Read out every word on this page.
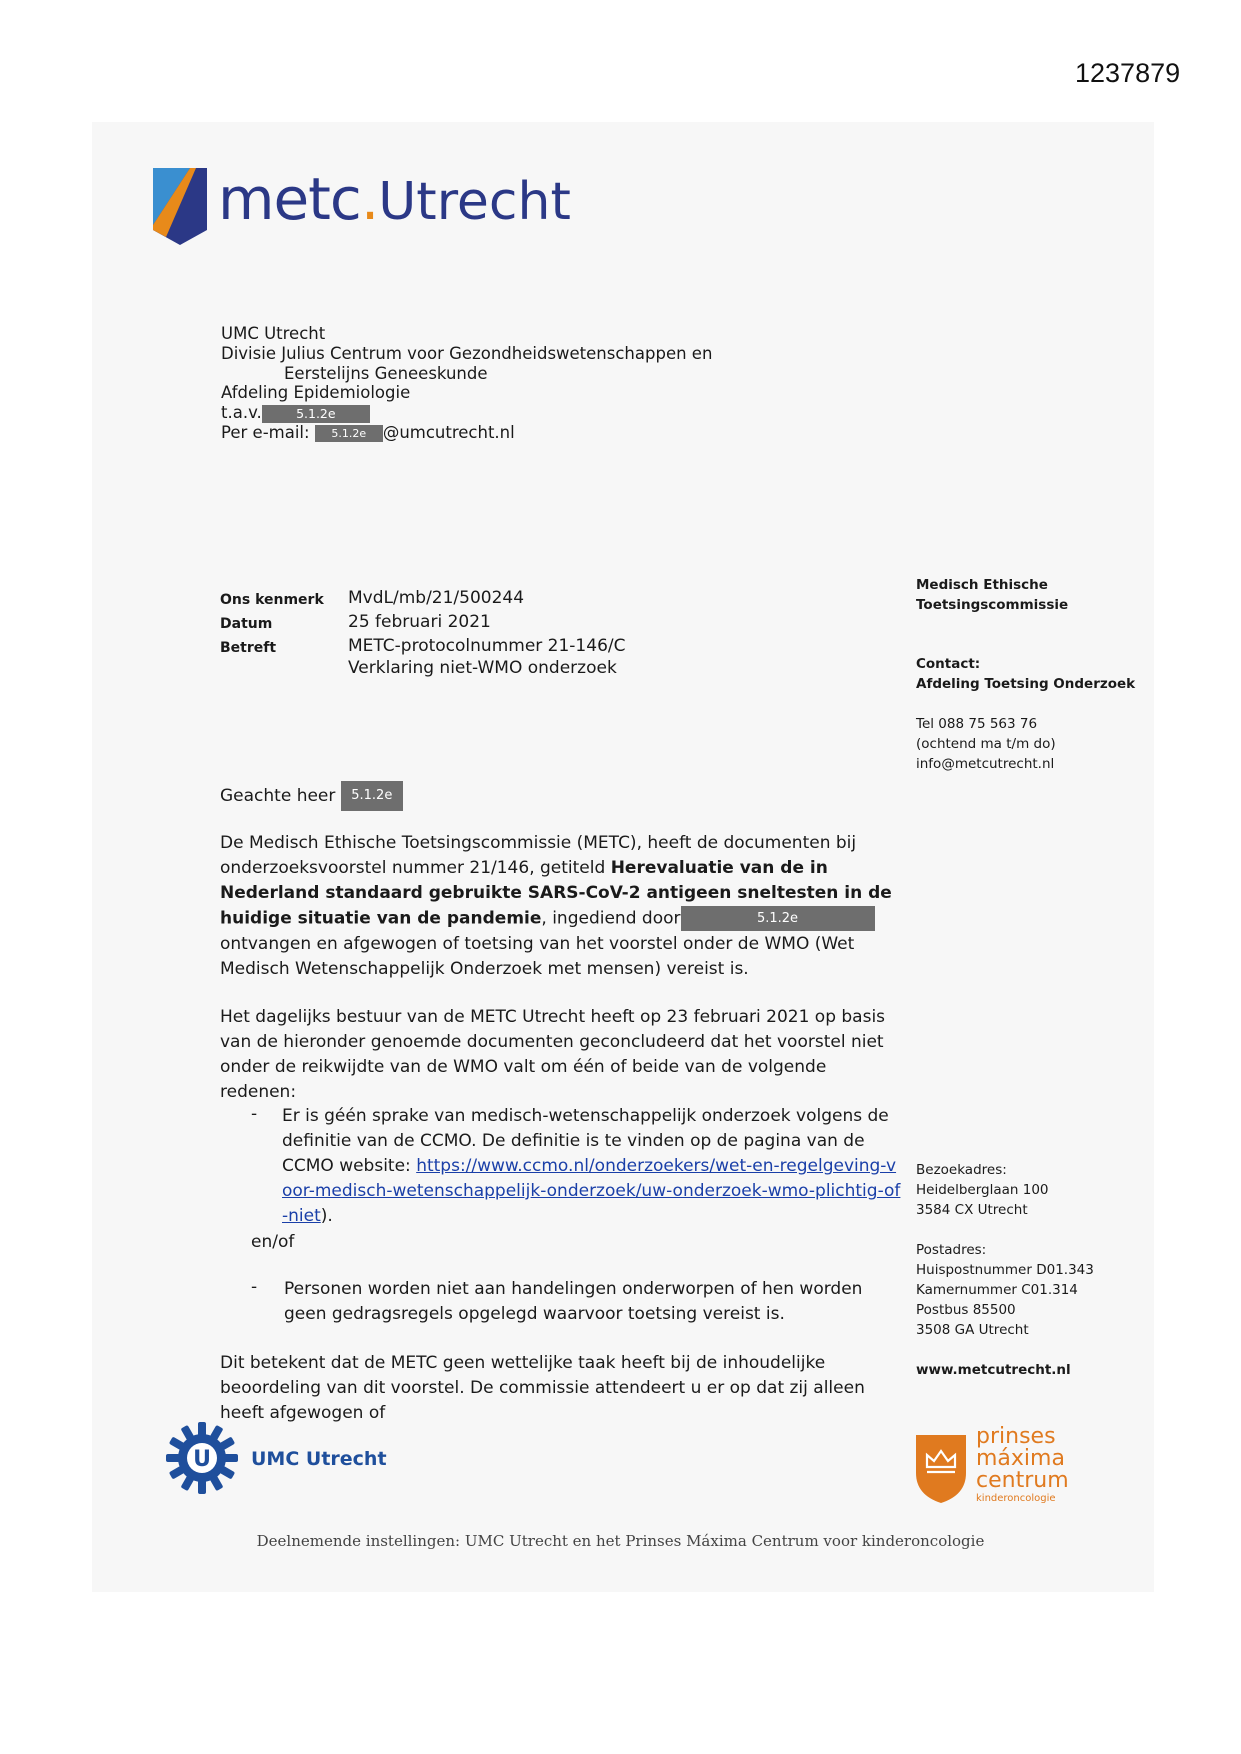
1237879
metc.Utrecht
UMC Utrecht
Divisie Julius Centrum voor Gezondheidswetenschappen en
Eerstelijns Geneeskunde
Afdeling Epidemiologie
t.a.v.	5.1.2e
Per e-mail: 5.1.2e @umcutrecht.nl
Ons kenmerk MvdL/mb/21/500244
Datum	25 februari 2021
Betreft	METC-protocolnummer 21-146/C
Verklaring niet-WMO onderzoek
Medisch Ethische
Toetsingscommissie
Contact:
Afdeling Toetsing Onderzoek
Tel 088 75 563 76
(ochtend ma t/m do)
info@metcutrecht.nl
Bezoekadres:
Heidelberglaan 100
3584 CX Utrecht
Postadres:
Huispostnummer D01.343
Kamernummer C01.314
Postbus 85500
3508 GA Utrecht
www.metcutrecht.nl
Geachte heer 5.1.2e
De Medisch Ethische Toetsingscommissie (METC), heeft de documenten bij onderzoeksvoorstel nummer 21/146, getiteld Herevaluatie van de in Nederland standaard gebruikte SARS-CoV-2 antigeen sneltesten in de huidige situatie van de pandemie, ingediend door	5.1.2eontvangen en afgewogen of toetsing van het voorstel onder de WMO (Wet Medisch Wetenschappelijk Onderzoek met mensen) vereist is.
Het dagelijks bestuur van de METC Utrecht heeft op 23 februari 2021 op basis van de hieronder genoemde documenten geconcludeerd dat het voorstel niet onder de reikwijdte van de WMO valt om één of beide van de volgende redenen:
- Er is géén sprake van medisch-wetenschappelijk onderzoek volgens de definitie van de CCMO. De definitie is te vinden op de pagina van de CCMO website: https://www.ccmo.nl/onderzoekers/wet-en-regelgeving-voor-medisch-wetenschappelijk-onderzoek/uw-onderzoek-wmo-plichtig-of-niet).
en/of
- Personen worden niet aan handelingen onderworpen of hen worden geen gedragsregels opgelegd waarvoor toetsing vereist is.
Dit betekent dat de METC geen wettelijke taak heeft bij de inhoudelijke beoordeling van dit voorstel. De commissie attendeert u er op dat zij alleen heeft afgewogen of
U UMC Utrecht
prinses
máxima
centrum
kinderoncologie
Deelnemende instellingen: UMC Utrecht en het Prinses Máxima Centrum voor kinderoncologie
